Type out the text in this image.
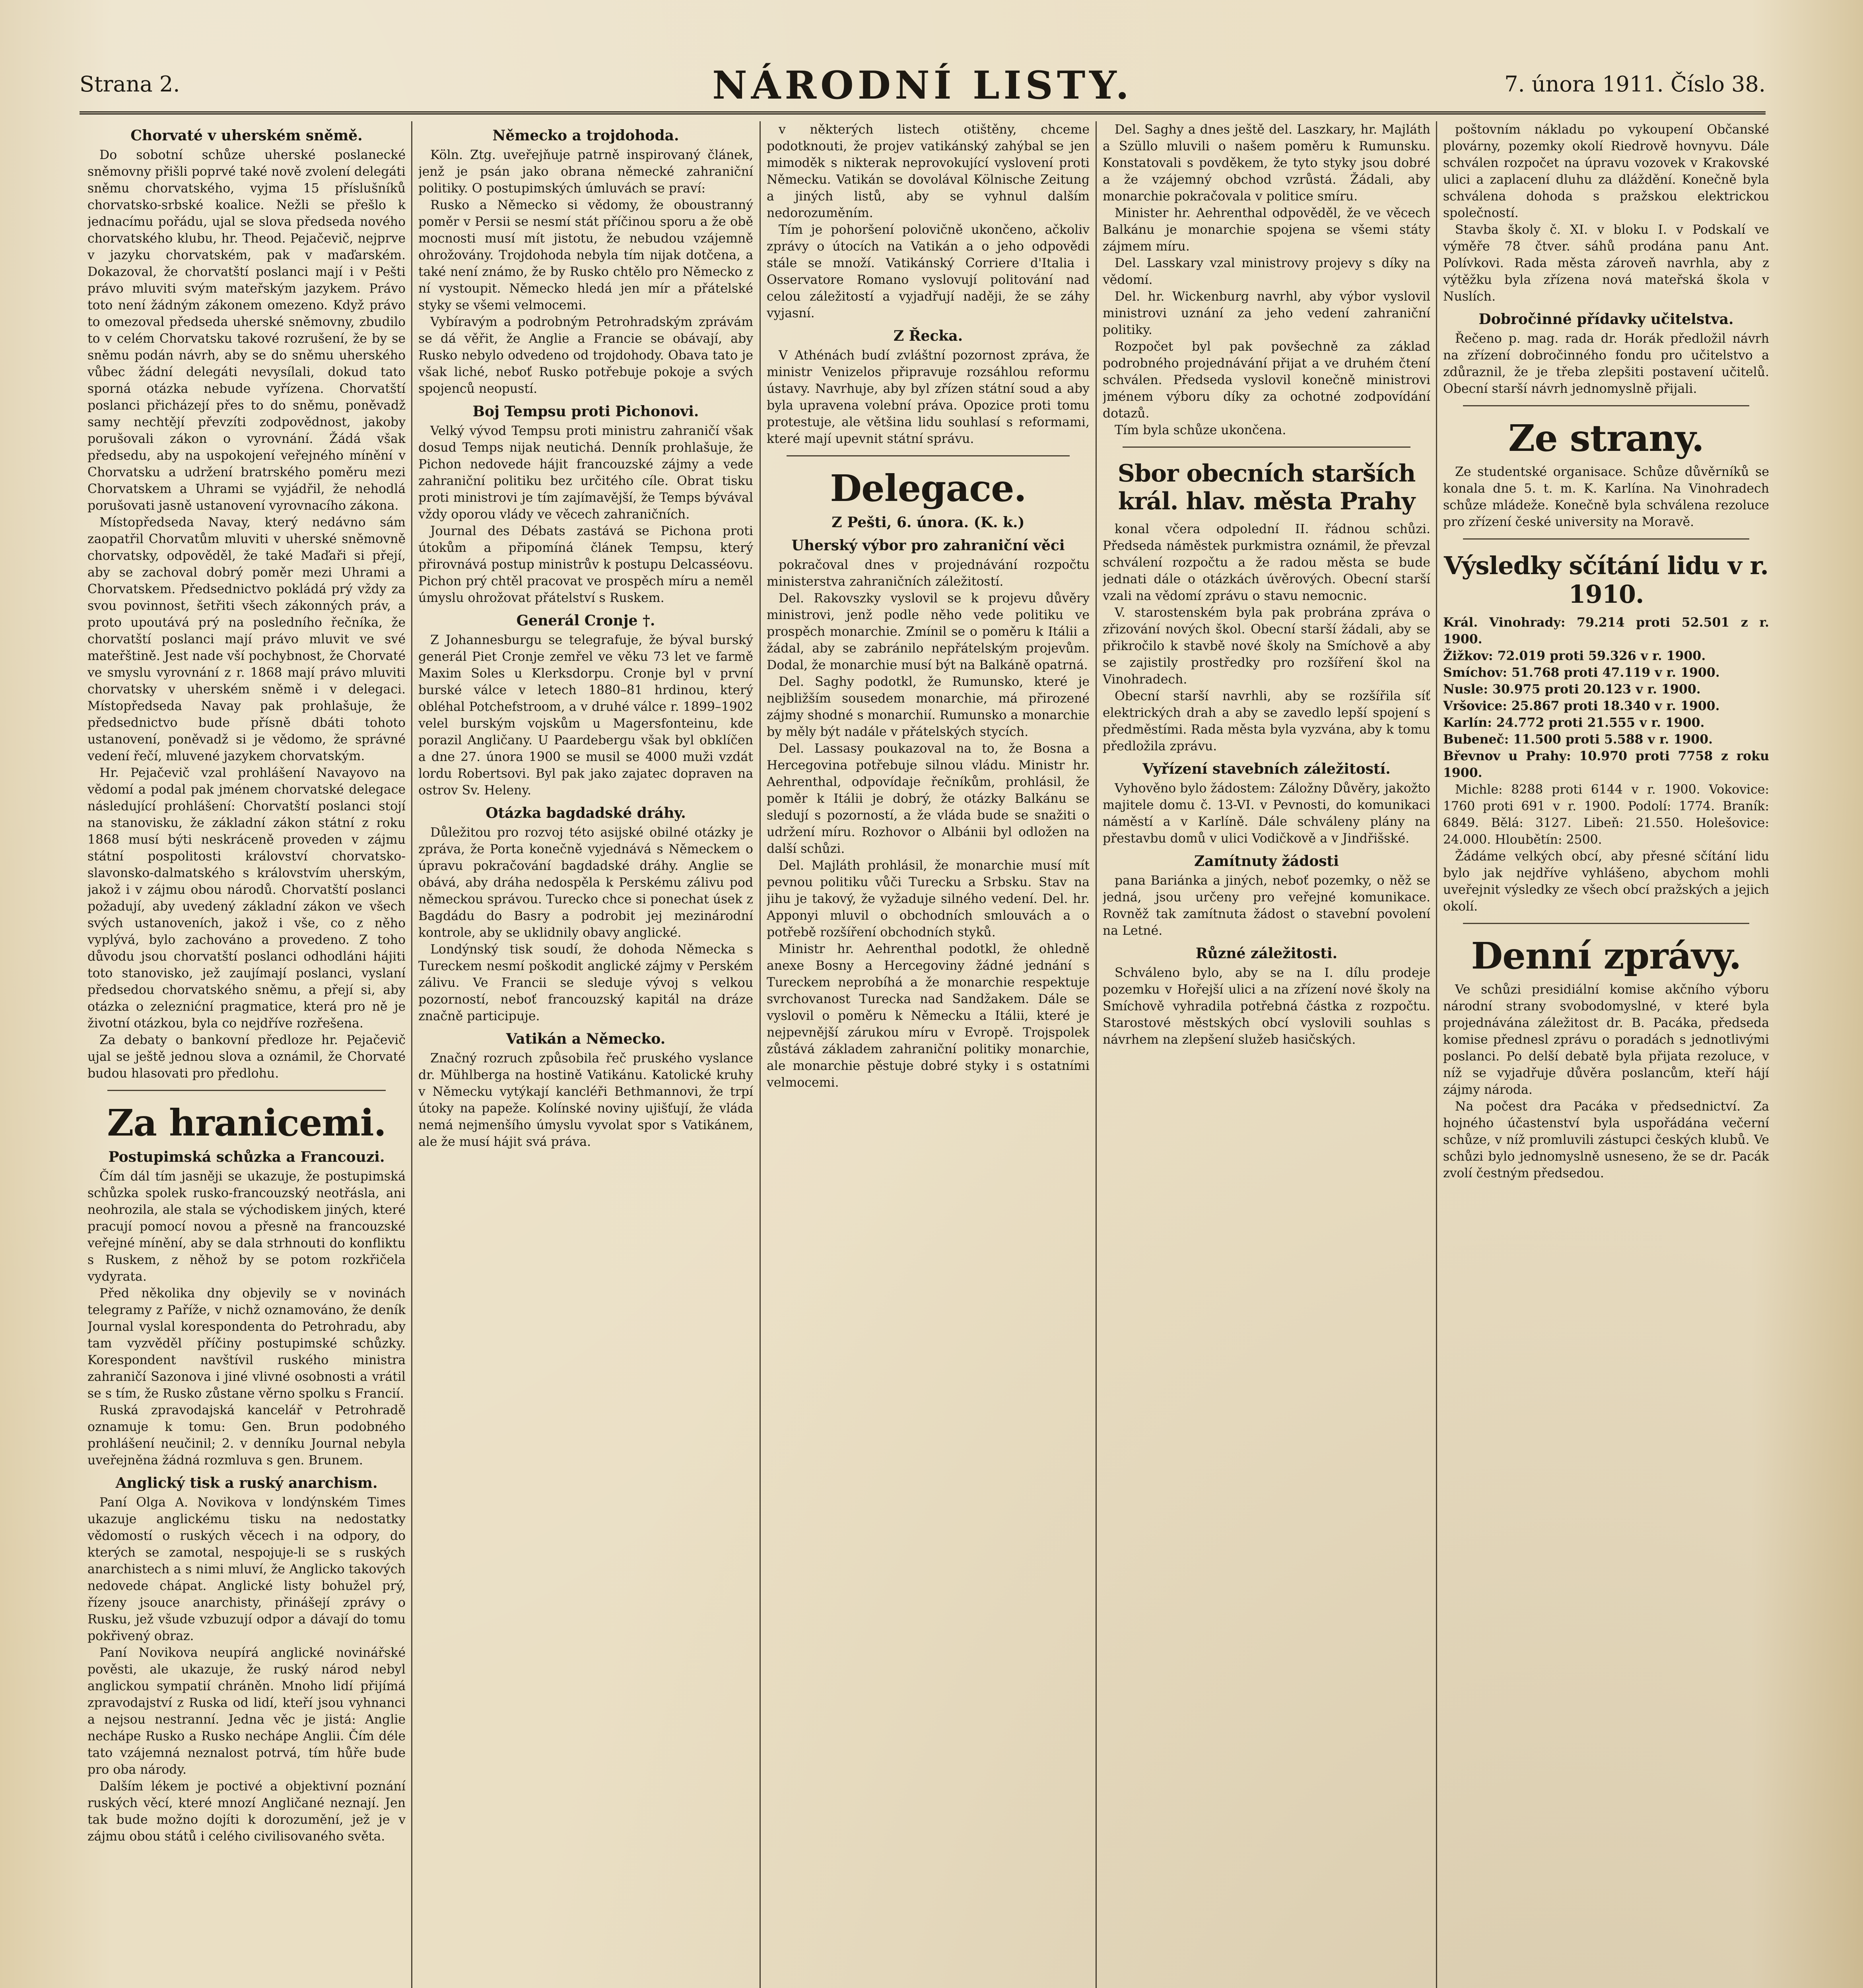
Strana 2.	NÁRODNÍ LISTY.	7. února 1911. Číslo 38.
Chorvaté v uherském sněmě.

Do sobotní schůze uherské poslanecké sněmovny přišli poprvé také nově zvolení delegáti sněmu chorvatského, vyjma 15 příslušníků chorvatsko-srbské koalice. Nežli se přešlo k jednacímu pořádu, ujal se slova předseda nového chorvatského klubu, hr. Theod. Pejačevič, nejprve v jazyku chorvatském, pak v maďarském. Dokazoval, že chorvatští poslanci mají i v Pešti právo mluviti svým mateřským jazykem. Právo toto není žádným zákonem omezeno. Když právo to omezoval předseda uherské sněmovny, zbudilo to v celém Chorvatsku takové rozrušení, že by se sněmu podán návrh, aby se do sněmu uherského vůbec žádní delegáti nevysílali, dokud tato sporná otázka nebude vyřízena. Chorvatští poslanci přicházejí přes to do sněmu, poněvadž samy nechtějí převzíti zodpovědnost, jakoby porušovali zákon o vyrovnání. Žádá však předsedu, aby na uspokojení veřejného mínění v Chorvatsku a udržení bratrského poměru mezi Chorvatskem a Uhrami se vyjádřil, že nehodlá porušovati jasně ustanovení vyrovnacího zákona.

Místopředseda Navay, který nedávno sám zaopatřil Chorvatům mluviti v uherské sněmovně chorvatsky, odpověděl, že také Maďaři si přejí, aby se zachoval dobrý poměr mezi Uhrami a Chorvatskem. Předsednictvo pokládá prý vždy za svou povinnost, šetřiti všech zákonných práv, a proto upoutává prý na posledního řečníka, že chorvatští poslanci mají právo mluvit ve své mateřštině. Jest nade vší pochybnost, že Chorvaté ve smyslu vyrovnání z r. 1868 mají právo mluviti chorvatsky v uherském sněmě i v delegaci. Místopředseda Navay pak prohlašuje, že předsednictvo bude přísně dbáti tohoto ustanovení, poněvadž si je vědomo, že správné vedení řečí, mluvené jazykem chorvatským.

Hr. Pejačevič vzal prohlášení Navayovo na vědomí a podal pak jménem chorvatské delegace následující prohlášení: Chorvatští poslanci stojí na stanovisku, že základní zákon státní z roku 1868 musí býti neskráceně proveden v zájmu státní pospolitosti království chorvatsko-slavonsko-dalmatského s královstvím uherským, jakož i v zájmu obou národů. Chorvatští poslanci požadují, aby uvedený základní zákon ve všech svých ustanoveních, jakož i vše, co z něho vyplývá, bylo zachováno a provedeno. Z toho důvodu jsou chorvatští poslanci odhodláni hájiti toto stanovisko, jež zaujímají poslanci, vyslaní předsedou chorvatského sněmu, a přejí si, aby otázka o zeleznićní pragmatice, která pro ně je životní otázkou, byla co nejdříve rozřešena.

Za debaty o bankovní předloze hr. Pejačevič ujal se ještě jednou slova a oznámil, že Chorvaté budou hlasovati pro předlohu.

Za hranicemi.
Postupimská schůzka a Francouzi.

Čím dál tím jasněji se ukazuje, že postupimská schůzka spolek rusko-francouzský neotřásla, ani neohrozila, ale stala se východiskem jiných, které pracují pomocí novou a přesně na francouzské veřejné mínění, aby se dala strhnouti do konfliktu s Ruskem, z něhož by se potom rozkřičela vydyrata.

Před několika dny objevily se v novinách telegramy z Paříže, v nichž oznamováno, že deník Journal vyslal korespondenta do Petrohradu, aby tam vyzvěděl příčiny postupimské schůzky. Korespondent navštívil ruského ministra zahraničí Sazonova i jiné vlivné osobnosti a vrátil se s tím, že Rusko zůstane věrno spolku s Francií.

Ruská zpravodajská kancelář v Petrohradě oznamuje k tomu: Gen. Brun podobného prohlášení neučinil; 2. v denníku Journal nebyla uveřejněna žádná rozmluva s gen. Brunem.

Anglický tisk a ruský anarchism.

Paní Olga A. Novikova v londýnském Times ukazuje anglickému tisku na nedostatky vědomostí o ruských věcech i na odpory, do kterých se zamotal, nespojuje-li se s ruských anarchistech a s nimi mluví, že Anglicko takových nedovede chápat. Anglické listy bohužel prý, řízeny jsouce anarchisty, přinášejí zprávy o Rusku, jež všude vzbuzují odpor a dávají do tomu pokřivený obraz.

Paní Novikova neupírá anglické novinářské pověsti, ale ukazuje, že ruský národ nebyl anglickou sympatií chráněn. Mnoho lidí přijímá zpravodajství z Ruska od lidí, kteří jsou vyhnanci a nejsou nestranní. Jedna věc je jistá: Anglie nechápe Rusko a Rusko nechápe Anglii. Čím déle tato vzájemná neznalost potrvá, tím hůře bude pro oba národy.

Dalším lékem je poctivé a objektivní poznání ruských věcí, které mnozí Angličané neznají. Jen tak bude možno dojíti k dorozumění, jež je v zájmu obou států i celého civilisovaného světa.

Německo a trojdohoda.

Köln. Ztg. uveřejňuje patrně inspirovaný článek, jenž je psán jako obrana německé zahraniční politiky. O postupimských úmluvách se praví:

Rusko a Německo si vědomy, že oboustranný poměr v Persii se nesmí stát příčinou sporu a že obě mocnosti musí mít jistotu, že nebudou vzájemně ohrožovány. Trojdohoda nebyla tím nijak dotčena, a také není známo, že by Rusko chtělo pro Německo z ní vystoupit. Německo hledá jen mír a přátelské styky se všemi velmocemi.

Vybíravým a podrobným Petrohradským zprávám se dá věřit, že Anglie a Francie se obávají, aby Rusko nebylo odvedeno od trojdohody. Obava tato je však liché, neboť Rusko potřebuje pokoje a svých spojenců neopustí.

Boj Tempsu proti Pichonovi.

Velký vývod Tempsu proti ministru zahraničí však dosud Temps nijak neutichá. Denník prohlašuje, že Pichon nedovede hájit francouzské zájmy a vede zahraniční politiku bez určitého cíle. Obrat tisku proti ministrovi je tím zajímavější, že Temps bývával vždy oporou vlády ve věcech zahraničních.

Journal des Débats zastává se Pichona proti útokům a připomíná článek Tempsu, který přirovnává postup ministrův k postupu Delcasséovu. Pichon prý chtěl pracovat ve prospěch míru a neměl úmyslu ohrožovat přátelství s Ruskem.

Generál Cronje †.

Z Johannesburgu se telegrafuje, že býval burský generál Piet Cronje zemřel ve věku 73 let ve farmě Maxim Soles u Klerksdorpu. Cronje byl v první burské válce v letech 1880–81 hrdinou, který obléhal Potchefstroom, a v druhé válce r. 1899–1902 velel burským vojskům u Magersfonteinu, kde porazil Angličany. U Paardebergu však byl obklíčen a dne 27. února 1900 se musil se 4000 muži vzdát lordu Robertsovi. Byl pak jako zajatec dopraven na ostrov Sv. Heleny.

Otázka bagdadské dráhy.

Důležitou pro rozvoj této asijské obilné otázky je zpráva, že Porta konečně vyjednává s Německem o úpravu pokračování bagdadské dráhy. Anglie se obává, aby dráha nedospěla k Perskému zálivu pod německou správou. Turecko chce si ponechat úsek z Bagdádu do Basry a podrobit jej mezinárodní kontrole, aby se uklidnily obavy anglické.

Londýnský tisk soudí, že dohoda Německa s Tureckem nesmí poškodit anglické zájmy v Perském zálivu. Ve Francii se sleduje vývoj s velkou pozorností, neboť francouzský kapitál na dráze značně participuje.

Vatikán a Německo.

Značný rozruch způsobila řeč pruského vyslance dr. Mühlberga na hostině Vatikánu. Katolické kruhy v Německu vytýkají kancléři Bethmannovi, že trpí útoky na papeže. Kolínské noviny ujišťují, že vláda nemá nejmenšího úmyslu vyvolat spor s Vatikánem, ale že musí hájit svá práva.

v některých listech otištěny, chceme podotknouti, že projev vatikánský zahýbal se jen mimoděk s nikterak neprovokující vyslovení proti Německu. Vatikán se dovolával Kölnische Zeitung a jiných listů, aby se vyhnul dalším nedorozuměním.

Tím je pohoršení polovičně ukončeno, ačkoliv zprávy o útocích na Vatikán a o jeho odpovědi stále se množí. Vatikánský Corriere d'Italia i Osservatore Romano vyslovují politování nad celou záležitostí a vyjadřují naději, že se záhy vyjasní.

Z Řecka.

V Athénách budí zvláštní pozornost zpráva, že ministr Venizelos připravuje rozsáhlou reformu ústavy. Navrhuje, aby byl zřízen státní soud a aby byla upravena volební práva. Opozice proti tomu protestuje, ale většina lidu souhlasí s reformami, které mají upevnit státní správu.

Delegace.
Z Pešti, 6. února. (K. k.)
Uherský výbor pro zahraniční věci

pokračoval dnes v projednávání rozpočtu ministerstva zahraničních záležitostí.

Del. Rakovszky vyslovil se k projevu důvěry ministrovi, jenž podle něho vede politiku ve prospěch monarchie. Zmínil se o poměru k Itálii a žádal, aby se zabránilo nepřátelským projevům. Dodal, že monarchie musí být na Balkáně opatrná.

Del. Saghy podotkl, že Rumunsko, které je nejbližším sousedem monarchie, má přirozené zájmy shodné s monarchií. Rumunsko a monarchie by měly být nadále v přátelských stycích.

Del. Lassasy poukazoval na to, že Bosna a Hercegovina potřebuje silnou vládu. Ministr hr. Aehrenthal, odpovídaje řečníkům, prohlásil, že poměr k Itálii je dobrý, že otázky Balkánu se sledují s pozorností, a že vláda bude se snažiti o udržení míru. Rozhovor o Albánii byl odložen na další schůzi.

Del. Majláth prohlásil, že monarchie musí mít pevnou politiku vůči Turecku a Srbsku. Stav na jihu je takový, že vyžaduje silného vedení. Del. hr. Apponyi mluvil o obchodních smlouvách a o potřebě rozšíření obchodních styků.

Ministr hr. Aehrenthal podotkl, že ohledně anexe Bosny a Hercegoviny žádné jednání s Tureckem neprobíhá a že monarchie respektuje svrchovanost Turecka nad Sandžakem. Dále se vyslovil o poměru k Německu a Itálii, které je nejpevnější zárukou míru v Evropě. Trojspolek zůstává základem zahraniční politiky monarchie, ale monarchie pěstuje dobré styky i s ostatními velmocemi.

Del. Saghy a dnes ještě del. Laszkary, hr. Majláth a Szüllo mluvili o našem poměru k Rumunsku. Konstatovali s povděkem, že tyto styky jsou dobré a že vzájemný obchod vzrůstá. Žádali, aby monarchie pokračovala v politice smíru.

Minister hr. Aehrenthal odpověděl, že ve věcech Balkánu je monarchie spojena se všemi státy zájmem míru.

Del. Lasskary vzal ministrovy projevy s díky na vědomí.

Del. hr. Wickenburg navrhl, aby výbor vyslovil ministrovi uznání za jeho vedení zahraniční politiky.

Rozpočet byl pak povšechně za základ podrobného projednávání přijat a ve druhém čtení schválen. Předseda vyslovil konečně ministrovi jménem výboru díky za ochotné zodpovídání dotazů.

Tím byla schůze ukončena.

Sbor obecních starších král. hlav. města Prahy

konal včera odpolední II. řádnou schůzi. Předseda náměstek purkmistra oznámil, že převzal schválení rozpočtu a že radou města se bude jednati dále o otázkách úvěrových. Obecní starší vzali na vědomí zprávu o stavu nemocnic.

V. starostenském byla pak probrána zpráva o zřizování nových škol. Obecní starší žádali, aby se přikročilo k stavbě nové školy na Smíchově a aby se zajistily prostředky pro rozšíření škol na Vinohradech.

Obecní starší navrhli, aby se rozšířila síť elektrických drah a aby se zavedlo lepší spojení s předměstími. Rada města byla vyzvána, aby k tomu předložila zprávu.

Vyřízení stavebních záležitostí.

Vyhověno bylo žádostem: Záložny Důvěry, jakožto majitele domu č. 13-VI. v Pevnosti, do komunikaci náměstí a v Karlíně. Dále schváleny plány na přestavbu domů v ulici Vodičkově a v Jindřišské.

Zamítnuty žádosti

pana Bariánka a jiných, neboť pozemky, o něž se jedná, jsou určeny pro veřejné komunikace. Rovněž tak zamítnuta žádost o stavební povolení na Letné.

Různé záležitosti.

Schváleno bylo, aby se na I. dílu prodeje pozemku v Hořejší ulici a na zřízení nové školy na Smíchově vyhradila potřebná částka z rozpočtu. Starostové městských obcí vyslovili souhlas s návrhem na zlepšení služeb hasičských.

poštovním nákladu po vykoupení Občanské plovárny, pozemky okolí Riedrově hovnyvu. Dále schválen rozpočet na úpravu vozovek v Krakovské ulici a zaplacení dluhu za dláždění. Konečně byla schválena dohoda s pražskou elektrickou společností.

Stavba školy č. XI. v bloku I. v Podskalí ve výměře 78 čtver. sáhů prodána panu Ant. Polívkovi. Rada města zároveň navrhla, aby z výtěžku byla zřízena nová mateřská škola v Nuslích.

Dobročinné přídavky učitelstva.

Řečeno p. mag. rada dr. Horák předložil návrh na zřízení dobročinného fondu pro učitelstvo a zdůraznil, že je třeba zlepšiti postavení učitelů. Obecní starší návrh jednomyslně přijali.

Ze strany.

Ze studentské organisace. Schůze důvěrníků se konala dne 5. t. m. K. Karlína. Na Vinohradech schůze mládeže. Konečně byla schválena rezoluce pro zřízení české university na Moravě.

Výsledky sčítání lidu v r. 1910.

Král. Vinohrady: 79.214 proti 52.501 z r. 1900.

Žižkov: 72.019 proti 59.326 v r. 1900.

Smíchov: 51.768 proti 47.119 v r. 1900.

Nusle: 30.975 proti 20.123 v r. 1900.

Vršovice: 25.867 proti 18.340 v r. 1900.

Karlín: 24.772 proti 21.555 v r. 1900.

Bubeneč: 11.500 proti 5.588 v r. 1900.

Břevnov u Prahy: 10.970 proti 7758 z roku 1900.

Michle: 8288 proti 6144 v r. 1900. Vokovice: 1760 proti 691 v r. 1900. Podolí: 1774. Braník: 6849. Bělá: 3127. Libeň: 21.550. Holešovice: 24.000. Hloubětín: 2500.

Žádáme velkých obcí, aby přesné sčítání lidu bylo jak nejdříve vyhlášeno, abychom mohli uveřejnit výsledky ze všech obcí pražských a jejich okolí.

Denní zprávy.

Ve schůzi presidiální komise akčního výboru národní strany svobodomyslné, v které byla projednávána záležitost dr. B. Pacáka, předseda komise přednesl zprávu o poradách s jednotlivými poslanci. Po delší debatě byla přijata rezoluce, v níž se vyjadřuje důvěra poslancům, kteří hájí zájmy národa.

Na počest dra Pacáka v předsednictví. Za hojného účastenství byla uspořádána večerní schůze, v níž promluvili zástupci českých klubů. Ve schůzi bylo jednomyslně usneseno, že se dr. Pacák zvolí čestným předsedou.
